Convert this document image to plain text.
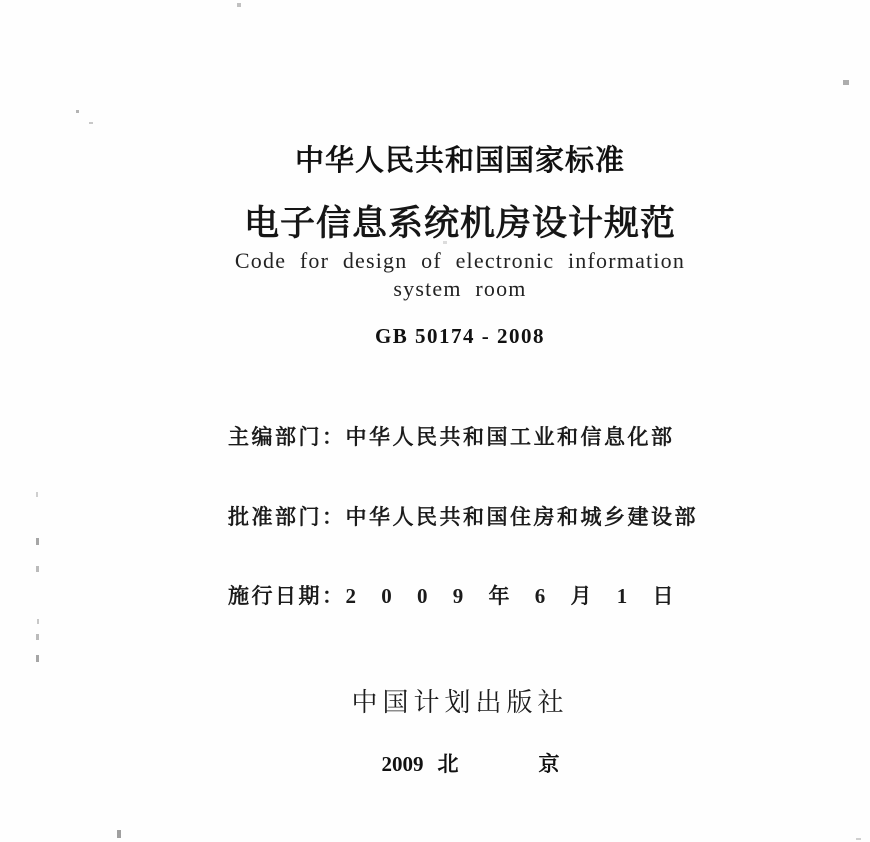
中华人民共和国国家标准
电子信息系统机房设计规范
Code for design of electronic information
system room
GB 50174 - 2008

主编部门：中华人民共和国工业和信息化部

批准部门：中华人民共和国住房和城乡建设部

施行日期：2 0 0 9 年 6 月 1 日

中国计划出版社

2009 北	京
